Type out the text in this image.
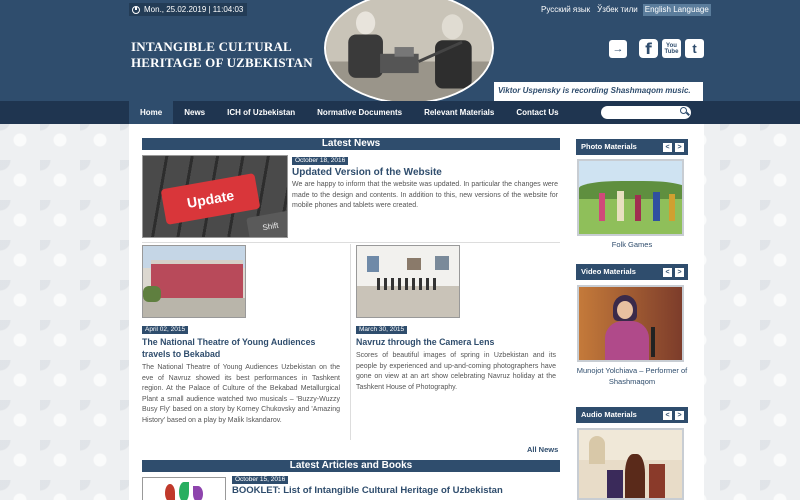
Mon., 25.02.2019 | 11:04:03
INTANGIBLE CULTURAL
HERITAGE OF UZBEKISTAN
Viktor Uspensky is recording Shashmaqom music.
Русский язык Ўзбек тили English Language
→	f	You Tube	t
Home	News	ICH of Uzbekistan	Normative Documents	Relevant Materials	Contact Us
Latest News
Update
Shift
October 18, 2016
Updated Version of the Website
We are happy to inform that the website was updated. In particular the changes were made to the design and contents. In addition to this, new versions of the website for mobile phones and tablets were created.
April 02, 2015
The National Theatre of Young Audiences travels to Bekabad
The National Theatre of Young Audiences Uzbekistan on the eve of Navruz showed its best performances in Tashkent region. At the Palace of Culture of the Bekabad Metallurgical Plant a small audience watched two musicals – 'Buzzy-Wuzzy Busy Fly' based on a story by Korney Chukovsky and 'Amazing History' based on a play by Malik Iskandarov.
March 30, 2015
Navruz through the Camera Lens
Scores of beautiful images of spring in Uzbekistan and its people by experienced and up-and-coming photographers have gone on view at an art show celebrating Navruz holiday at the Tashkent House of Photography.
All News
Latest Articles and Books
October 15, 2016
BOOKLET: List of Intangible Cultural Heritage of Uzbekistan
Photo Materials	<	>
Folk Games
Video Materials	<	>
Munojot Yolchiava – Performer of Shashmaqom
Audio Materials	<	>
